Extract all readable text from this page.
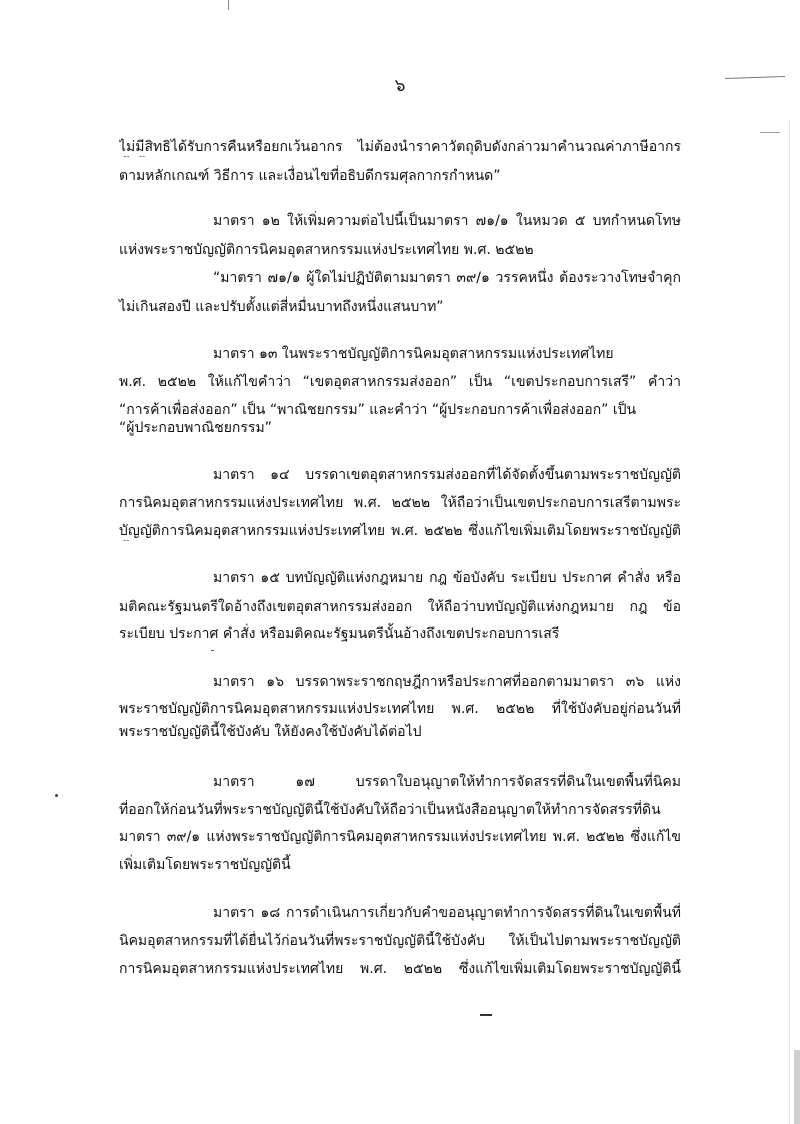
๖
ไม่มีสิทธิได้รับการคืนหรือยกเว้นอากร ไม่ต้องนำราคาวัตถุดิบดังกล่าวมาคำนวณค่าภาษีอากร
ตามหลักเกณฑ์ วิธีการ และเงื่อนไขที่อธิบดีกรมศุลกากรกำหนด”
มาตรา ๑๒ ให้เพิ่มความต่อไปนี้เป็นมาตรา ๗๑/๑ ในหมวด ๕ บทกำหนดโทษ
แห่งพระราชบัญญัติการนิคมอุตสาหกรรมแห่งประเทศไทย พ.ศ. ๒๕๒๒
“มาตรา ๗๑/๑ ผู้ใดไม่ปฏิบัติตามมาตรา ๓๙/๑ วรรคหนึ่ง ต้องระวางโทษจำคุก
ไม่เกินสองปี และปรับตั้งแต่สี่หมื่นบาทถึงหนึ่งแสนบาท”
มาตรา ๑๓ ในพระราชบัญญัติการนิคมอุตสาหกรรมแห่งประเทศไทย
พ.ศ. ๒๕๒๒ ให้แก้ไขคำว่า “เขตอุตสาหกรรมส่งออก” เป็น “เขตประกอบการเสรี” คำว่า
“การค้าเพื่อส่งออก” เป็น “พาณิชยกรรม” และคำว่า “ผู้ประกอบการค้าเพื่อส่งออก” เป็น
“ผู้ประกอบพาณิชยกรรม”
มาตรา ๑๔ บรรดาเขตอุตสาหกรรมส่งออกที่ได้จัดตั้งขึ้นตามพระราชบัญญัติ
การนิคมอุตสาหกรรมแห่งประเทศไทย พ.ศ. ๒๕๒๒ ให้ถือว่าเป็นเขตประกอบการเสรีตามพระ
บัญญัติการนิคมอุตสาหกรรมแห่งประเทศไทย พ.ศ. ๒๕๒๒ ซึ่งแก้ไขเพิ่มเติมโดยพระราชบัญญัติ
มาตรา ๑๕ บทบัญญัติแห่งกฎหมาย กฎ ข้อบังคับ ระเบียบ ประกาศ คำสั่ง หรือ
มติคณะรัฐมนตรีใดอ้างถึงเขตอุตสาหกรรมส่งออก ให้ถือว่าบทบัญญัติแห่งกฎหมาย กฎ ข้อ
ระเบียบ ประกาศ คำสั่ง หรือมติคณะรัฐมนตรีนั้นอ้างถึงเขตประกอบการเสรี
มาตรา ๑๖ บรรดาพระราชกฤษฎีกาหรือประกาศที่ออกตามมาตรา ๓๖ แห่ง
พระราชบัญญัติการนิคมอุตสาหกรรมแห่งประเทศไทย พ.ศ. ๒๕๒๒ ที่ใช้บังคับอยู่ก่อนวันที่
พระราชบัญญัตินี้ใช้บังคับ ให้ยังคงใช้บังคับได้ต่อไป
มาตรา ๑๗ บรรดาใบอนุญาตให้ทำการจัดสรรที่ดินในเขตพื้นที่นิคม
ที่ออกให้ก่อนวันที่พระราชบัญญัตินี้ใช้บังคับให้ถือว่าเป็นหนังสืออนุญาตให้ทำการจัดสรรที่ดิน
มาตรา ๓๙/๑ แห่งพระราชบัญญัติการนิคมอุตสาหกรรมแห่งประเทศไทย พ.ศ. ๒๕๒๒ ซึ่งแก้ไข
เพิ่มเติมโดยพระราชบัญญัตินี้
มาตรา ๑๘ การดำเนินการเกี่ยวกับคำขออนุญาตทำการจัดสรรที่ดินในเขตพื้นที่
นิคมอุตสาหกรรมที่ได้ยื่นไว้ก่อนวันที่พระราชบัญญัตินี้ใช้บังคับ ให้เป็นไปตามพระราชบัญญัติ
การนิคมอุตสาหกรรมแห่งประเทศไทย พ.ศ. ๒๕๒๒ ซึ่งแก้ไขเพิ่มเติมโดยพระราชบัญญัตินี้
